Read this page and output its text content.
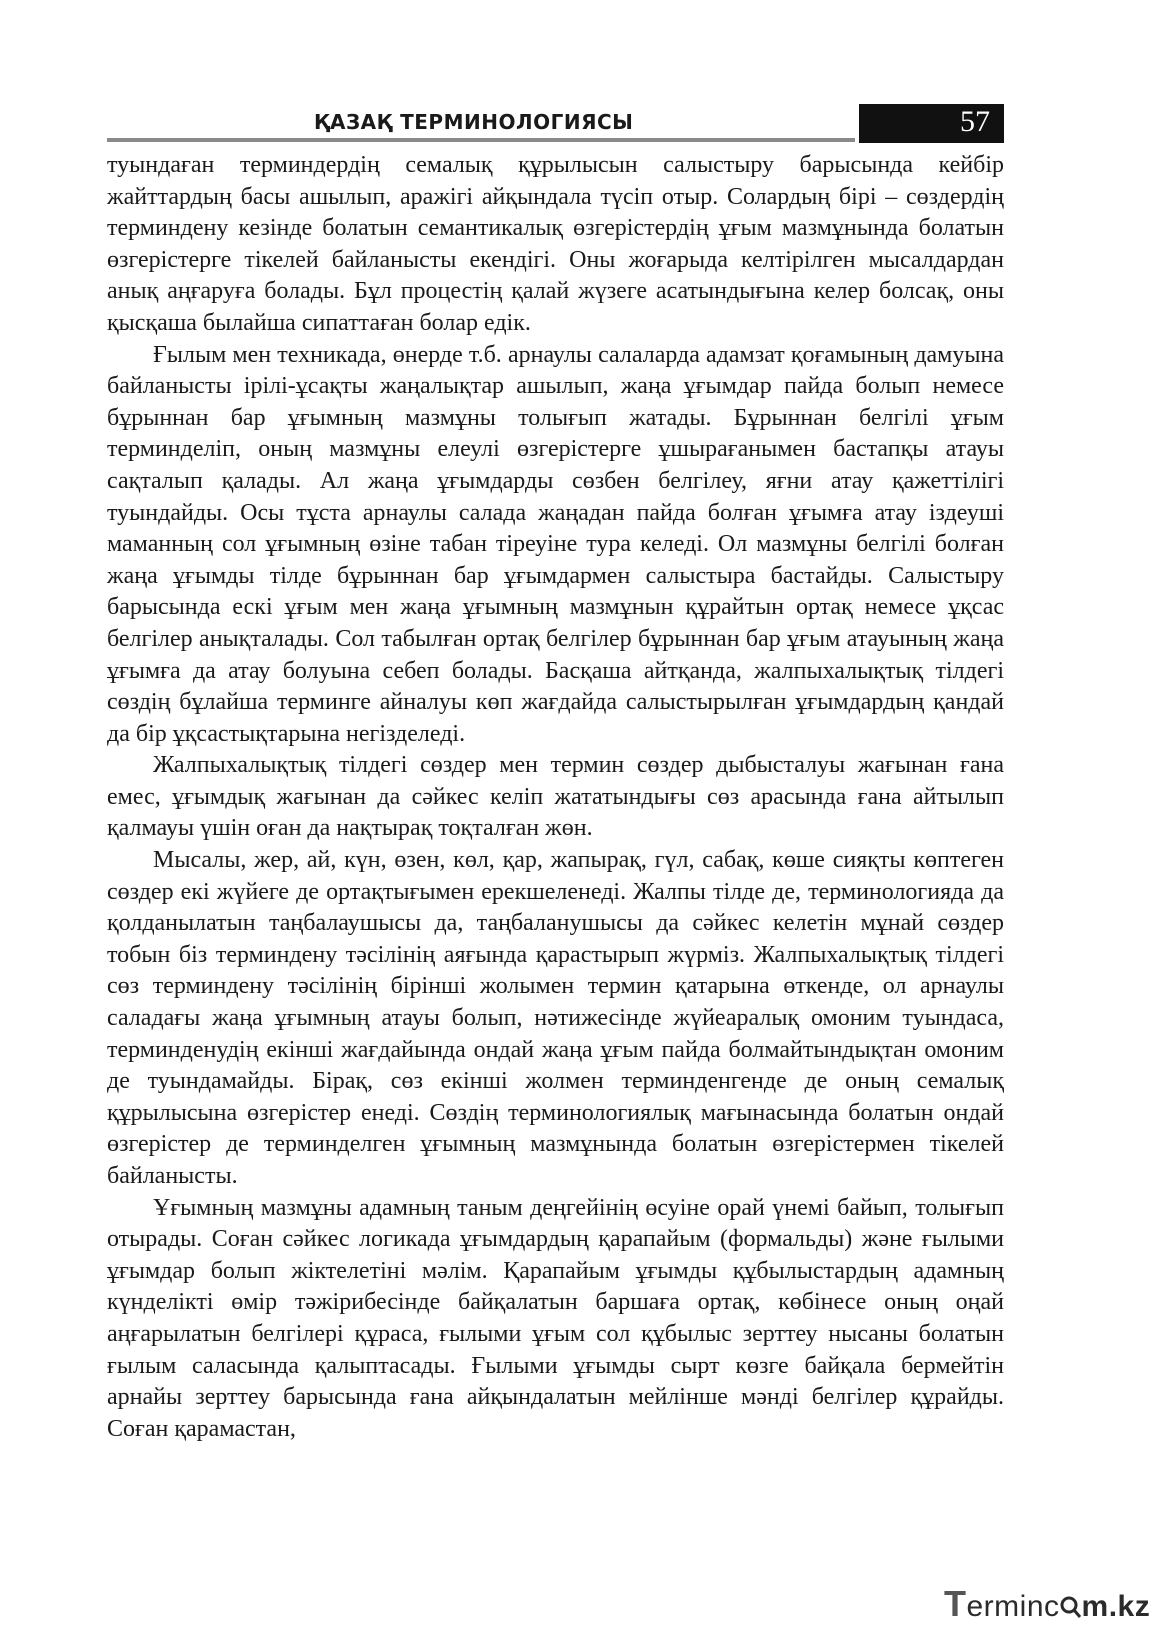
ҚАЗАҚ ТЕРМИНОЛОГИЯСЫ	57

туындаған терминдердің семалық құрылысын салыстыру барысында кейбір жайттардың басы ашылып, аражігі айқындала түсіп отыр. Солардың бірі – сөздердің терминдену кезінде болатын семантикалық өзгерістердің ұғым мазмұнында болатын өзгерістерге тікелей байланысты екендігі. Оны жоғарыда келтірілген мысалдардан анық аңғаруға болады. Бұл процестің қалай жүзеге асатындығына келер болсақ, оны қысқаша былайша сипаттаған болар едік.

Ғылым мен техникада, өнерде т.б. арнаулы салаларда адамзат қоғамының дамуына байланысты ірілі-ұсақты жаңалықтар ашылып, жаңа ұғымдар пайда болып немесе бұрыннан бар ұғымның мазмұны толығып жатады. Бұрыннан белгілі ұғым терминделіп, оның мазмұны елеулі өзгерістерге ұшырағанымен бастапқы атауы сақталып қалады. Ал жаңа ұғымдарды сөзбен белгілеу, яғни атау қажеттілігі туындайды. Осы тұста арнаулы салада жаңадан пайда болған ұғымға атау іздеуші маманның сол ұғымның өзіне табан тіреуіне тура келеді. Ол мазмұны белгілі болған жаңа ұғымды тілде бұрыннан бар ұғымдармен салыстыра бастайды. Салыстыру барысында ескі ұғым мен жаңа ұғымның мазмұнын құрайтын ортақ немесе ұқсас белгілер анықталады. Сол табылған ортақ белгілер бұрыннан бар ұғым атауының жаңа ұғымға да атау болуына себеп болады. Басқаша айтқанда, жалпыхалықтық тілдегі сөздің бұлайша терминге айналуы көп жағдайда салыстырылған ұғымдардың қандай да бір ұқсастықтарына негізделеді.

Жалпыхалықтық тілдегі сөздер мен термин сөздер дыбысталуы жағынан ғана емес, ұғымдық жағынан да сәйкес келіп жататындығы сөз арасында ғана айтылып қалмауы үшін оған да нақтырақ тоқталған жөн.

Мысалы, жер, ай, күн, өзен, көл, қар, жапырақ, гүл, сабақ, көше сияқты көптеген сөздер екі жүйеге де ортақтығымен ерекшеленеді. Жалпы тілде де, терминологияда да қолданылатын таңбалаушысы да, таңбаланушысы да сәйкес келетін мұнай сөздер тобын біз терминдену тәсілінің аяғында қарастырып жүрміз. Жалпыхалықтық тілдегі сөз терминдену тәсілінің бірінші жолымен термин қатарына өткенде, ол арнаулы саладағы жаңа ұғымның атауы болып, нәтижесінде жүйеаралық омоним туындаса, терминденудің екінші жағдайында ондай жаңа ұғым пайда болмайтындықтан омоним де туындамайды. Бірақ, сөз екінші жолмен терминденгенде де оның семалық құрылысына өзгерістер енеді. Сөздің терминологиялық мағынасында болатын ондай өзгерістер де терминделген ұғымның мазмұнында болатын өзгерістермен тікелей байланысты.

Ұғымның мазмұны адамның таным деңгейінің өсуіне орай үнемі байып, толығып отырады. Соған сәйкес логикада ұғымдардың қарапайым (формальды) және ғылыми ұғымдар болып жіктелетіні мәлім. Қарапайым ұғымды құбылыстардың адамның күнделікті өмір тәжірибесінде байқалатын баршаға ортақ, көбінесе оның оңай аңғарылатын белгілері құраса, ғылыми ұғым сол құбылыс зерттеу нысаны болатын ғылым саласында қалыптасады. Ғылыми ұғымды сырт көзге байқала бермейтін арнайы зерттеу барысында ғана айқындалатын мейлінше мәнді белгілер құрайды. Соған қарамастан,

Terminc m.kz
